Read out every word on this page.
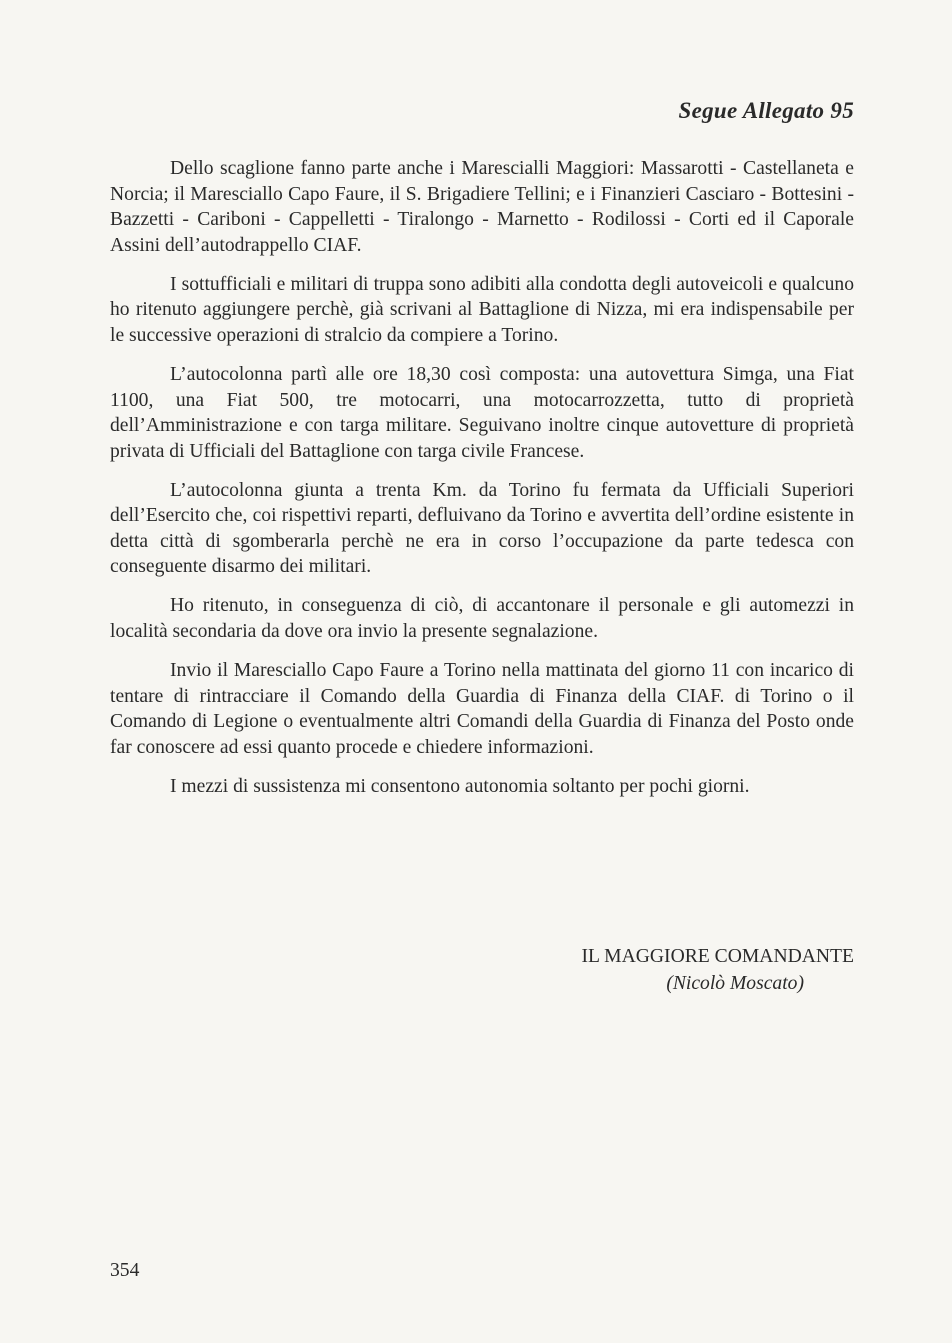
Segue Allegato 95

Dello scaglione fanno parte anche i Marescialli Maggiori: Massarotti - Castellaneta e Norcia; il Maresciallo Capo Faure, il S. Brigadiere Tellini; e i Finanzieri Casciaro - Bottesini - Bazzetti - Cariboni - Cappelletti - Tiralongo - Marnetto - Rodilossi - Corti ed il Caporale Assini dell’autodrappello CIAF.

I sottufficiali e militari di truppa sono adibiti alla condotta degli autoveicoli e qualcuno ho ritenuto aggiungere perchè, già scrivani al Battaglione di Nizza, mi era indispensabile per le successive operazioni di stralcio da compiere a Torino.

L’autocolonna partì alle ore 18,30 così composta: una autovettura Simga, una Fiat 1100, una Fiat 500, tre motocarri, una motocarrozzetta, tutto di proprietà dell’Amministrazione e con targa militare. Seguivano inoltre cinque autovetture di proprietà privata di Ufficiali del Battaglione con targa civile Francese.

L’autocolonna giunta a trenta Km. da Torino fu fermata da Ufficiali Superiori dell’Esercito che, coi rispettivi reparti, defluivano da Torino e avvertita dell’ordine esistente in detta città di sgomberarla perchè ne era in corso l’occupazione da parte tedesca con conseguente disarmo dei militari.

Ho ritenuto, in conseguenza di ciò, di accantonare il personale e gli automezzi in località secondaria da dove ora invio la presente segnalazione.

Invio il Maresciallo Capo Faure a Torino nella mattinata del giorno 11 con incarico di tentare di rintracciare il Comando della Guardia di Finanza della CIAF. di Torino o il Comando di Legione o eventualmente altri Comandi della Guardia di Finanza del Posto onde far conoscere ad essi quanto procede e chiedere informazioni.

I mezzi di sussistenza mi consentono autonomia soltanto per pochi giorni.

IL MAGGIORE COMANDANTE
(Nicolò Moscato)

354
